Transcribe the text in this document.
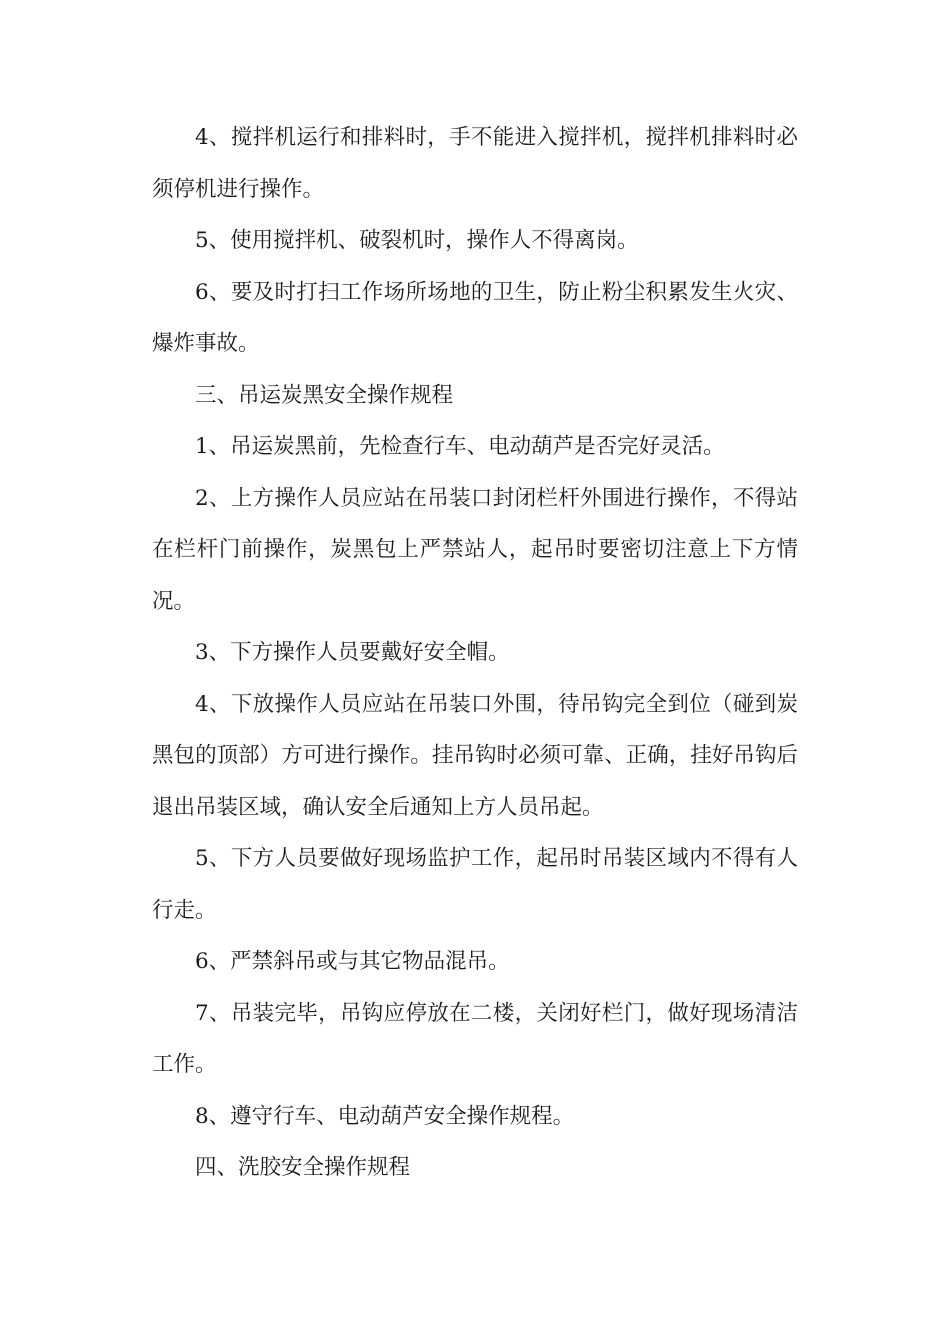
4、搅拌机运行和排料时，手不能进入搅拌机，搅拌机排料时必须停机进行操作。

5、使用搅拌机、破裂机时，操作人不得离岗。

6、要及时打扫工作场所场地的卫生，防止粉尘积累发生火灾、爆炸事故。

三、吊运炭黑安全操作规程

1、吊运炭黑前，先检查行车、电动葫芦是否完好灵活。

2、上方操作人员应站在吊装口封闭栏杆外围进行操作，不得站在栏杆门前操作，炭黑包上严禁站人，起吊时要密切注意上下方情况。

3、下方操作人员要戴好安全帽。

4、下放操作人员应站在吊装口外围，待吊钩完全到位（碰到炭黑包的顶部）方可进行操作。挂吊钩时必须可靠、正确，挂好吊钩后退出吊装区域，确认安全后通知上方人员吊起。

5、下方人员要做好现场监护工作，起吊时吊装区域内不得有人行走。

6、严禁斜吊或与其它物品混吊。

7、吊装完毕，吊钩应停放在二楼，关闭好栏门，做好现场清洁工作。

8、遵守行车、电动葫芦安全操作规程。

四、洗胶安全操作规程
